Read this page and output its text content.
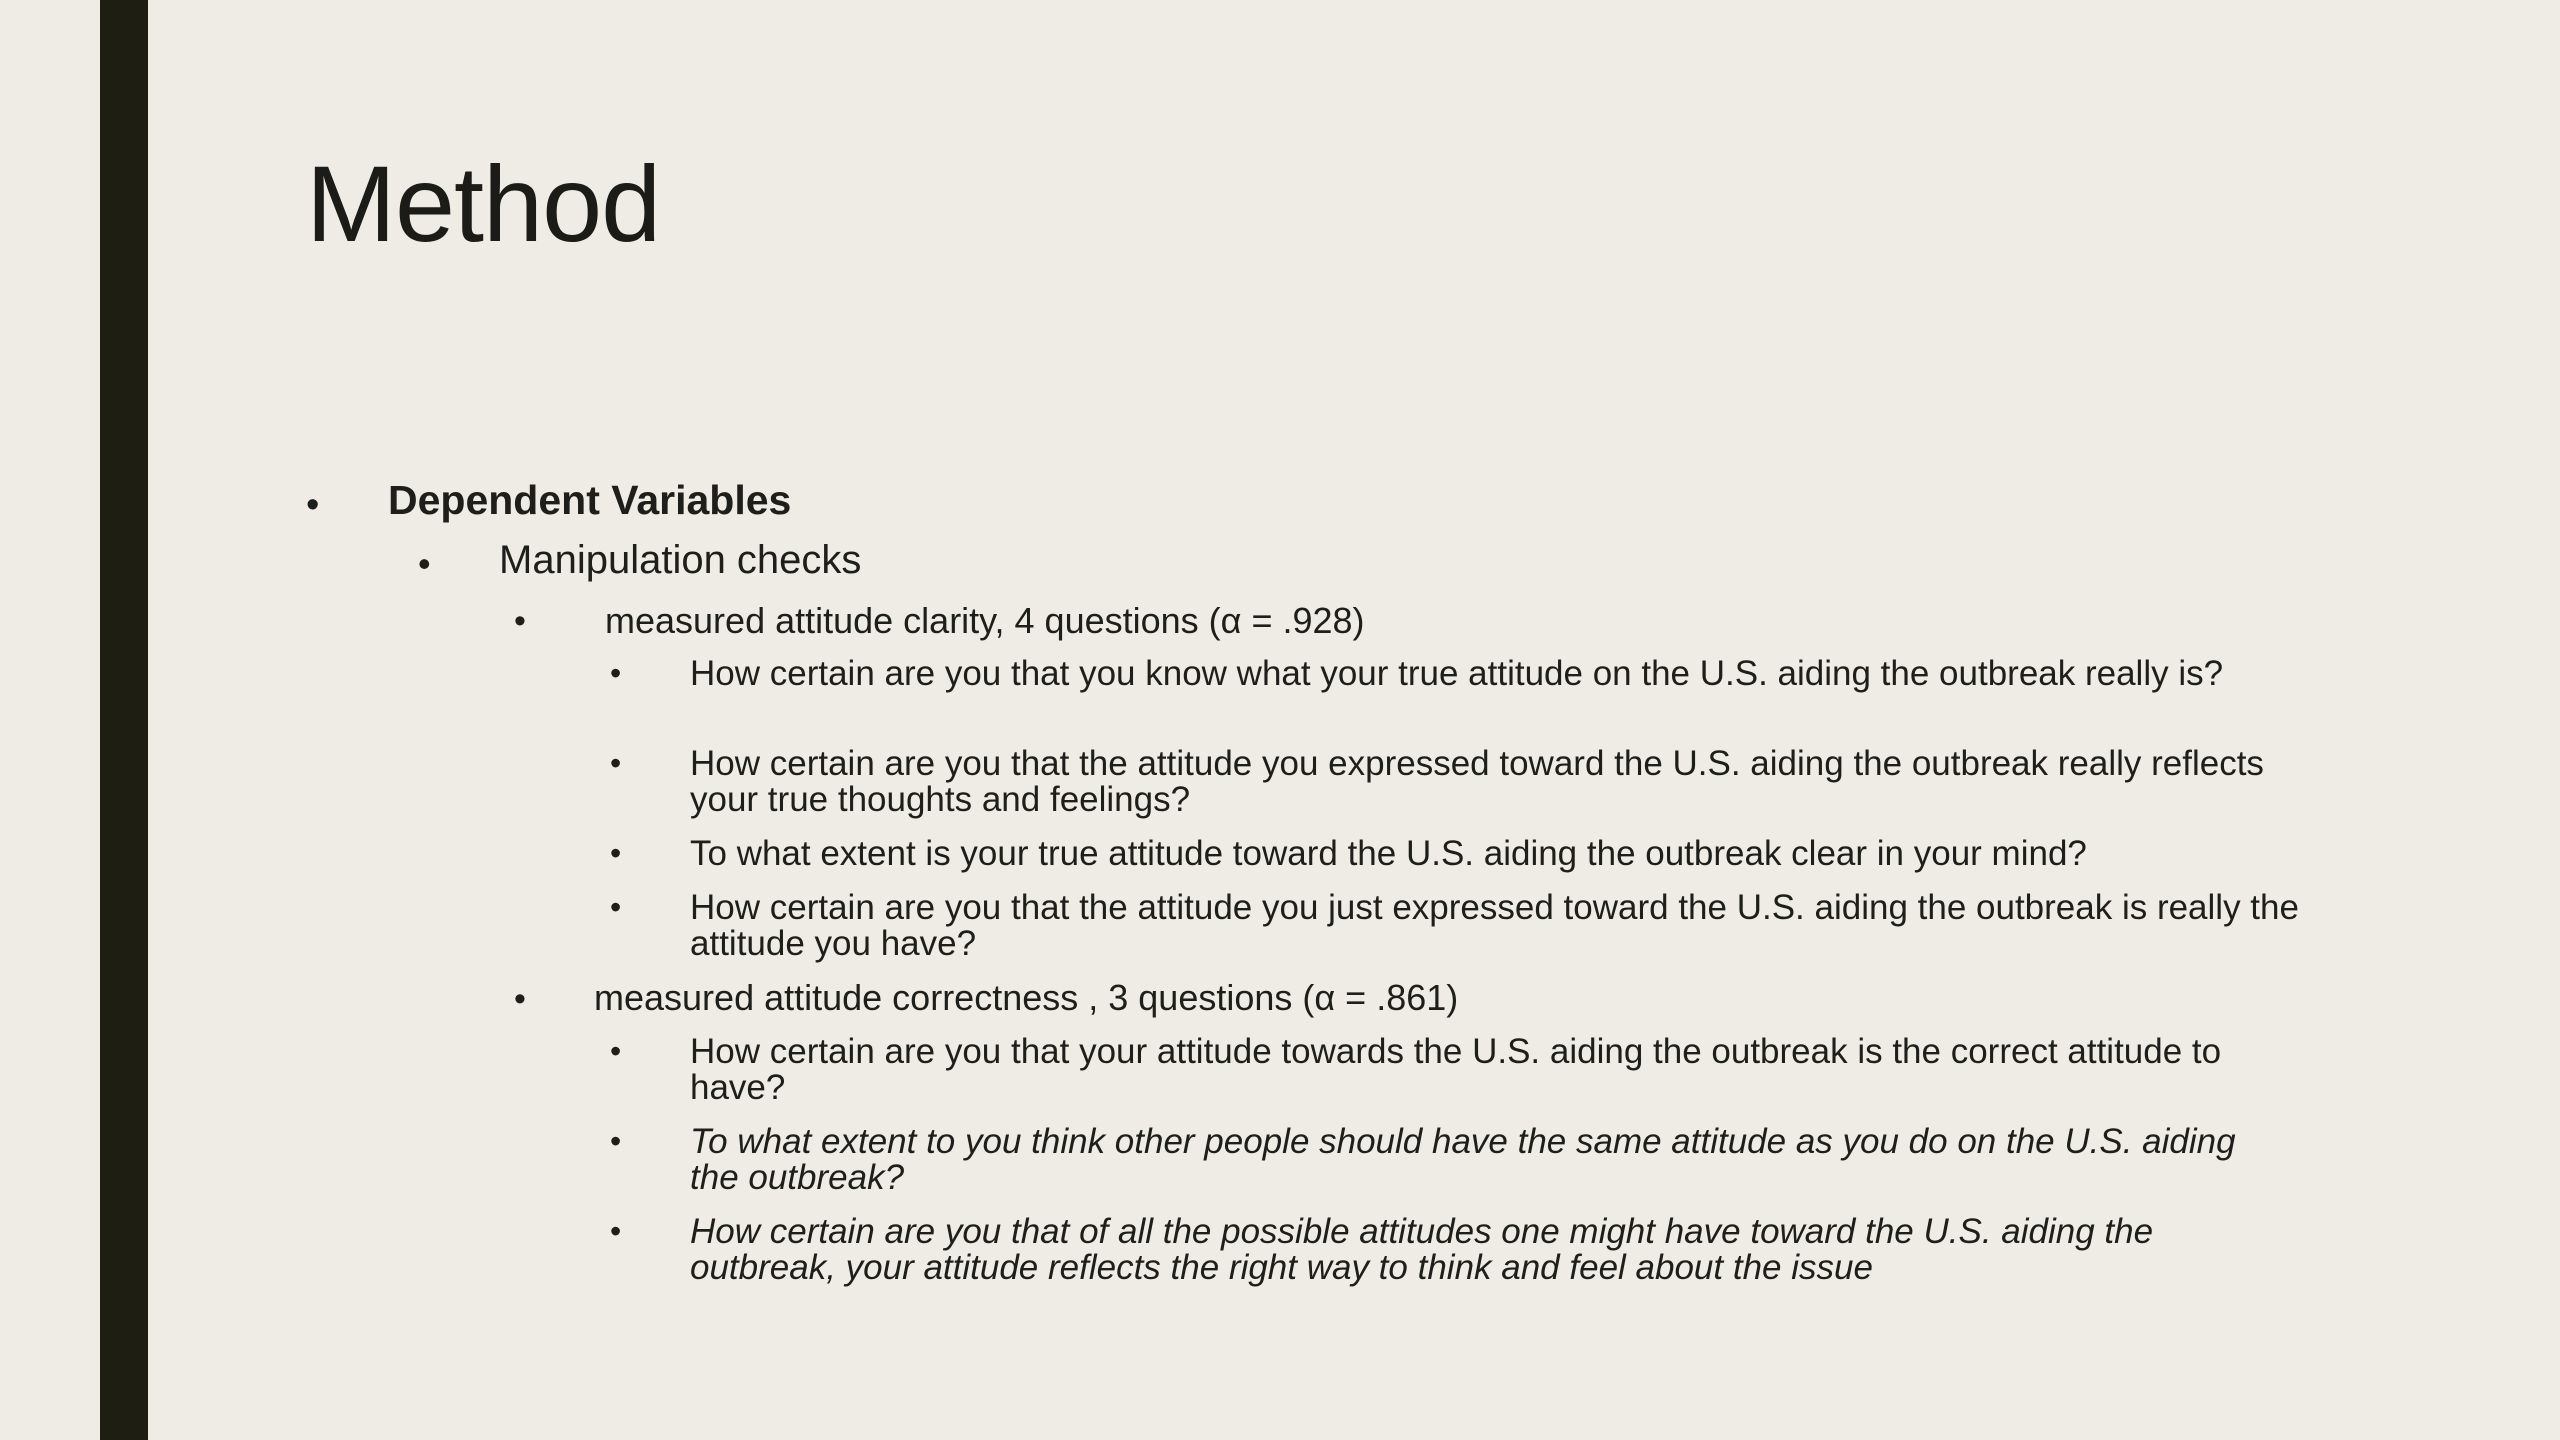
Method
• Dependent Variables
• Manipulation checks
• measured attitude clarity, 4 questions (α = .928)
• How certain are you that you know what your true attitude on the U.S. aiding the outbreak really is?
• How certain are you that the attitude you expressed toward the U.S. aiding the outbreak really reflects your true thoughts and feelings?
• To what extent is your true attitude toward the U.S. aiding the outbreak clear in your mind?
• How certain are you that the attitude you just expressed toward the U.S. aiding the outbreak is really the attitude you have?
• measured attitude correctness , 3 questions (α = .861)
• How certain are you that your attitude towards the U.S. aiding the outbreak is the correct attitude to have?
• To what extent to you think other people should have the same attitude as you do on the U.S. aiding the outbreak?
• How certain are you that of all the possible attitudes one might have toward the U.S. aiding the outbreak, your attitude reflects the right way to think and feel about the issue
